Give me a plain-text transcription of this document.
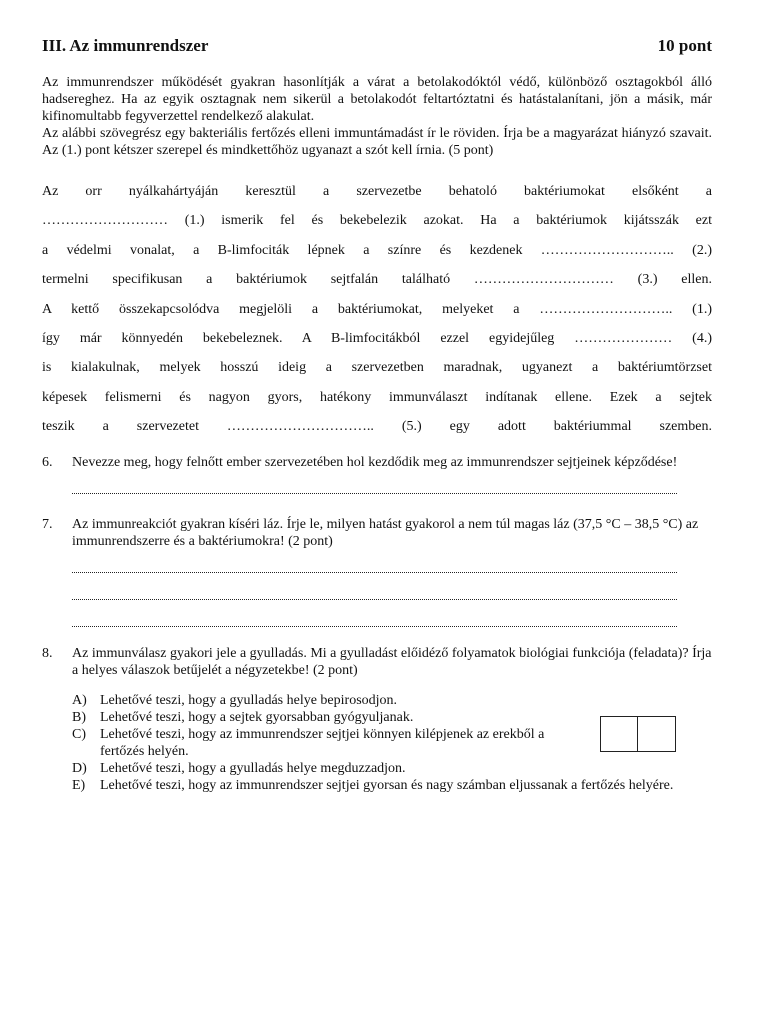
III. Az immunrendszer	10 pont

Az immunrendszer működését gyakran hasonlítják a várat a betolakodóktól védő, különböző osztagokból álló hadsereghez. Ha az egyik osztagnak nem sikerül a betolakodót feltartóztatni és hatástalanítani, jön a másik, már kifinomultabb fegyverzettel rendelkező alakulat.

Az alábbi szövegrész egy bakteriális fertőzés elleni immuntámadást ír le röviden. Írja be a magyarázat hiányzó szavait. Az (1.) pont kétszer szerepel és mindkettőhöz ugyanazt a szót kell írnia. (5 pont)

Az orr nyálkahártyáján keresztül a szervezetbe behatoló baktériumokat elsőként a
……………………… (1.) ismerik fel és bekebelezik azokat. Ha a baktériumok kijátsszák ezt
a védelmi vonalat, a B-limfociták lépnek a színre és kezdenek ……………………….. (2.)
termelni specifikusan a baktériumok sejtfalán található ………………………… (3.) ellen.
A kettő összekapcsolódva megjelöli a baktériumokat, melyeket a ……………………….. (1.)
így már könnyedén bekebeleznek. A B-limfocitákból ezzel egyidejűleg ………………… (4.)
is kialakulnak, melyek hosszú ideig a szervezetben maradnak, ugyanezt a baktériumtörzset
képesek felismerni és nagyon gyors, hatékony immunválaszt indítanak ellene. Ezek a sejtek
teszik a szervezetet ………………………….. (5.) egy adott baktériummal szemben.
6.	Nevezze meg, hogy felnőtt ember szervezetében hol kezdődik meg az immunrendszer sejtjeinek képződése!
7.	Az immunreakciót gyakran kíséri láz. Írje le, milyen hatást gyakorol a nem túl magas láz (37,5 °C – 38,5 °C) az immunrendszerre és a baktériumokra! (2 pont)
8.	Az immunválasz gyakori jele a gyulladás. Mi a gyulladást előidéző folyamatok biológiai funkciója (feladata)? Írja a helyes válaszok betűjelét a négyzetekbe! (2 pont)
A) Lehetővé teszi, hogy a gyulladás helye bepirosodjon.
B)	Lehetővé teszi, hogy a sejtek gyorsabban gyógyuljanak.
C)	Lehetővé teszi, hogy az immunrendszer sejtjei könnyen kilépjenek az erekből a fertőzés helyén.
D) Lehetővé teszi, hogy a gyulladás helye megduzzadjon.
E)	Lehetővé teszi, hogy az immunrendszer sejtjei gyorsan és nagy számban eljussanak a fertőzés helyére.
